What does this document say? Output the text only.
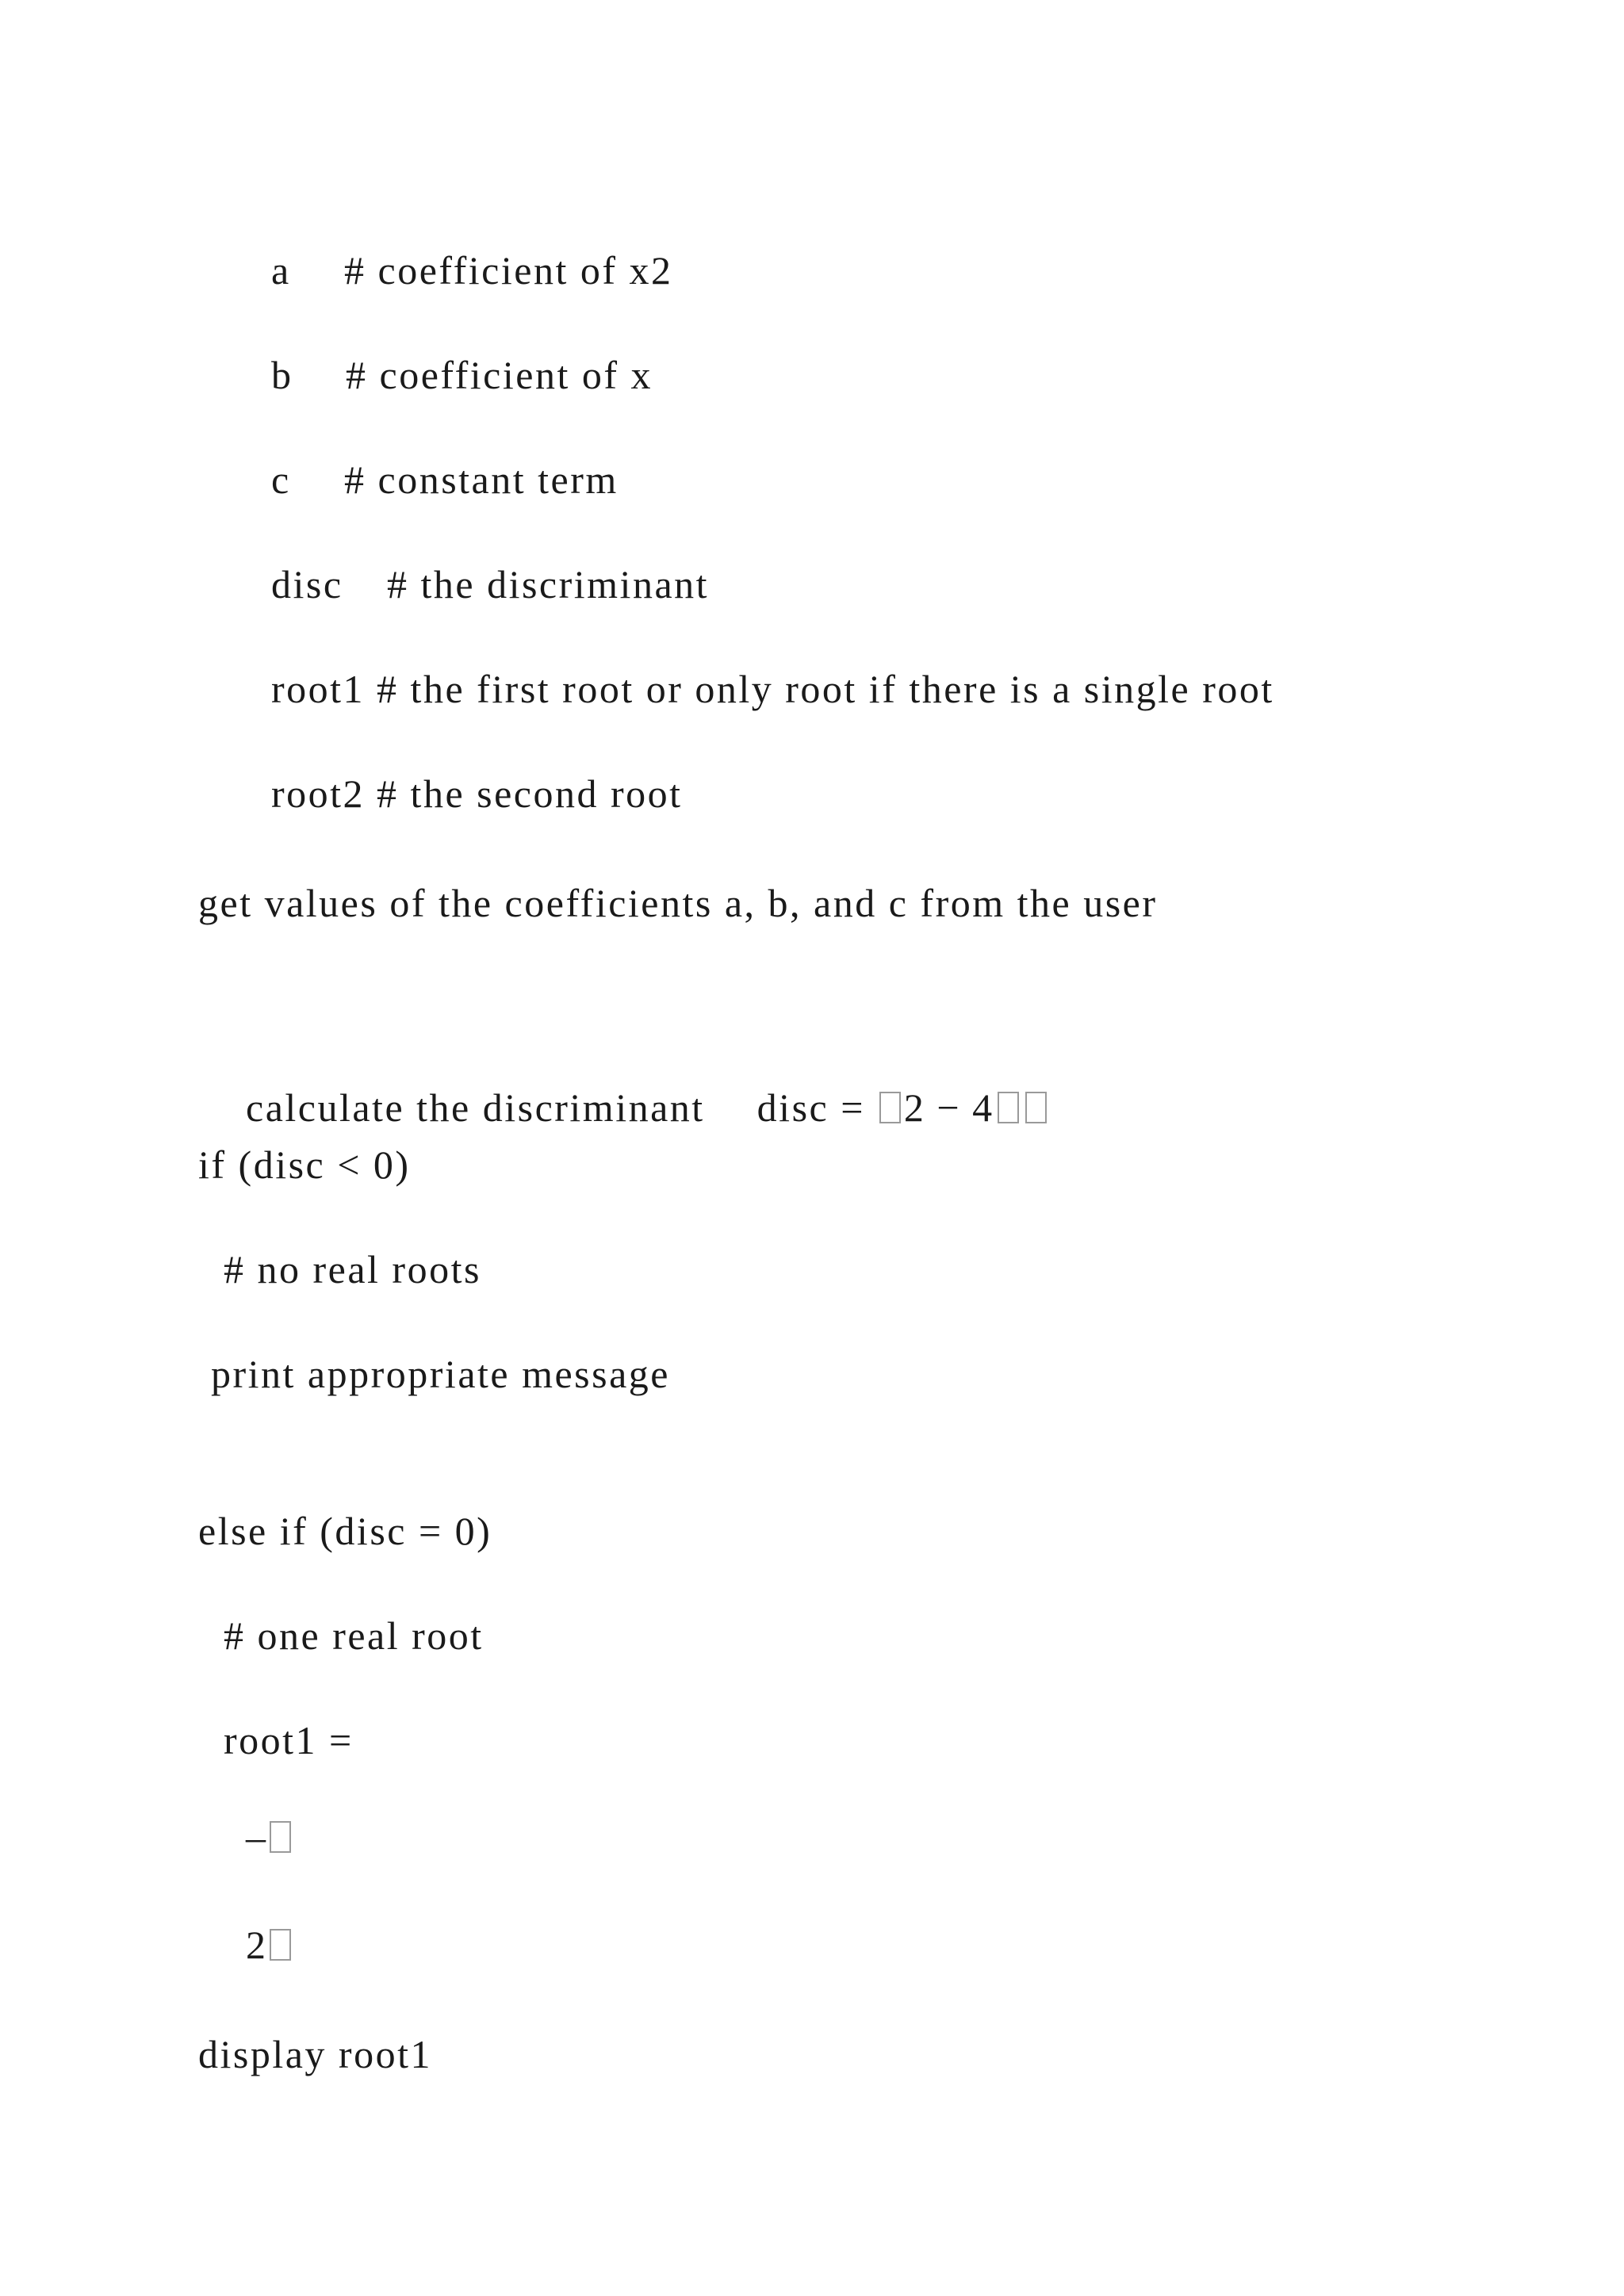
a # coefficient of x2

b # coefficient of x

c # constant term

disc # the discriminant

root1 # the first root or only root if there is a single root

root2 # the second root

get values of the coefficients a, b, and c from the user

calculate the discriminant disc = 2 − 4

if (disc < 0)
# no real roots
print appropriate message
else if (disc = 0)
# one real root
root1 =

–

2

display root1
